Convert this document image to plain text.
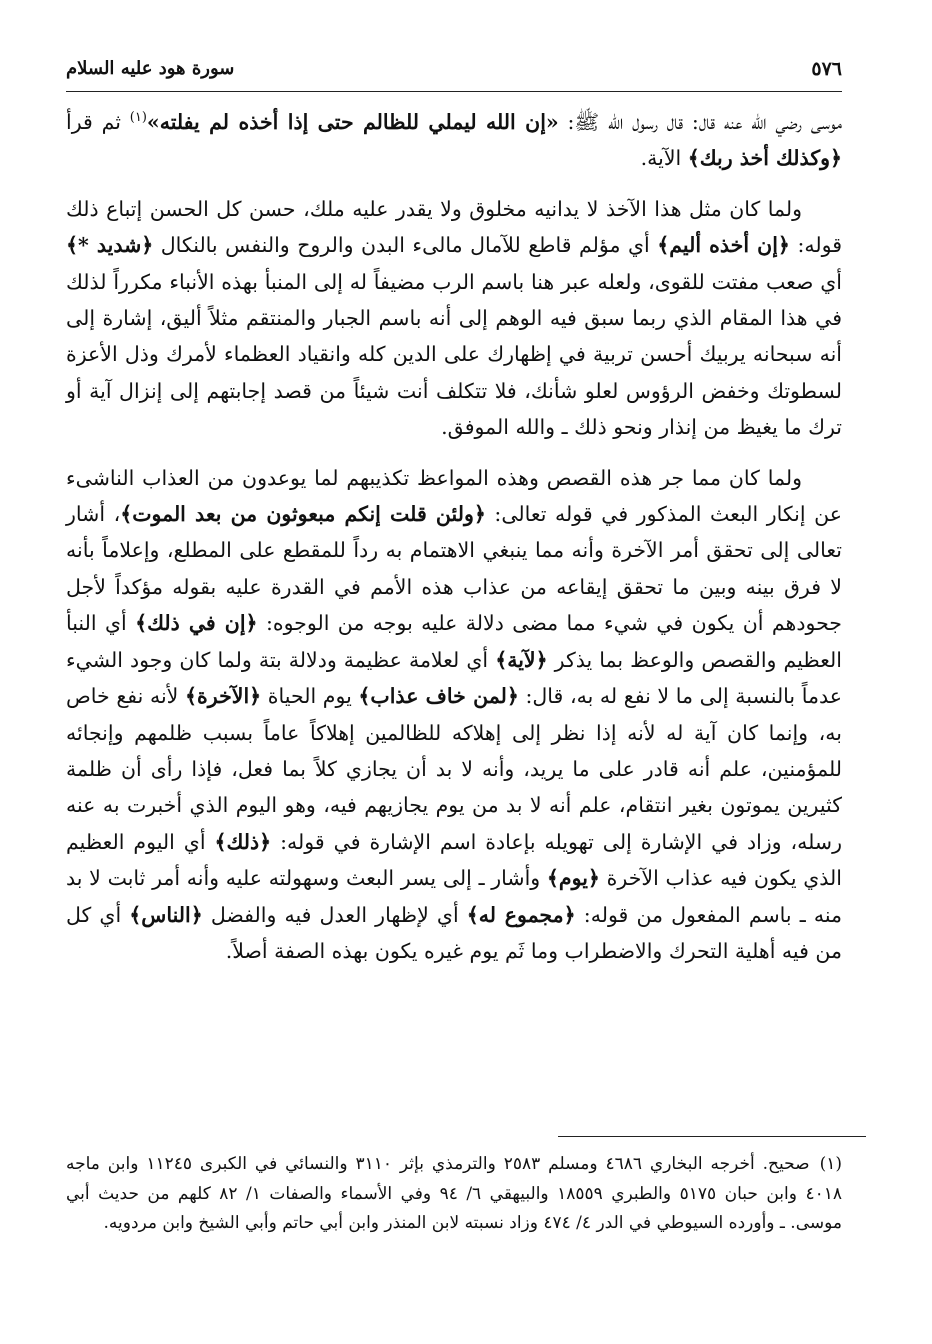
٥٧٦
سورة هود عليه السلام

موسى رضي الله عنه قال: قال رسول الله ﷺ: «إن الله ليملي للظالم حتى إذا أخذه لم يفلته»$^{(١)}$ ثم قرأ ﴿وكذلك أخذ ربك﴾ الآية.

ولما كان مثل هذا الآخذ لا يدانيه مخلوق ولا يقدر عليه ملك، حسن كل الحسن إتباع ذلك قوله: ﴿إن أخذه أليم﴾ أي مؤلم قاطع للآمال مالىء البدن والروح والنفس بالنكال ﴿شديد *﴾ أي صعب مفتت للقوى، ولعله عبر هنا باسم الرب مضيفاً له إلى المنبأ بهذه الأنباء مكرراً لذلك في هذا المقام الذي ربما سبق فيه الوهم إلى أنه باسم الجبار والمنتقم مثلاً أليق، إشارة إلى أنه سبحانه يربيك أحسن تربية في إظهارك على الدين كله وانقياد العظماء لأمرك وذل الأعزة لسطوتك وخفض الرؤوس لعلو شأنك، فلا تتكلف أنت شيئاً من قصد إجابتهم إلى إنزال آية أو ترك ما يغيظ من إنذار ونحو ذلك ـ والله الموفق.

ولما كان مما جر هذه القصص وهذه المواعظ تكذيبهم لما يوعدون من العذاب الناشىء عن إنكار البعث المذكور في قوله تعالى: ﴿ولئن قلت إنكم مبعوثون من بعد الموت﴾، أشار تعالى إلى تحقق أمر الآخرة وأنه مما ينبغي الاهتمام به رداً للمقطع على المطلع، وإعلاماً بأنه لا فرق بينه وبين ما تحقق إيقاعه من عذاب هذه الأمم في القدرة عليه بقوله مؤكداً لأجل جحودهم أن يكون في شيء مما مضى دلالة عليه بوجه من الوجوه: ﴿إن في ذلك﴾ أي النبأ العظيم والقصص والوعظ بما يذكر ﴿لآية﴾ أي لعلامة عظيمة ودلالة بتة ولما كان وجود الشيء عدماً بالنسبة إلى ما لا نفع له به، قال: ﴿لمن خاف عذاب﴾ يوم الحياة ﴿الآخرة﴾ لأنه نفع خاص به، وإنما كان آية له لأنه إذا نظر إلى إهلاكه للظالمين إهلاكاً عاماً بسبب ظلمهم وإنجائه للمؤمنين، علم أنه قادر على ما يريد، وأنه لا بد أن يجازي كلاً بما فعل، فإذا رأى أن ظلمة كثيرين يموتون بغير انتقام، علم أنه لا بد من يوم يجازيهم فيه، وهو اليوم الذي أخبرت به عنه رسله، وزاد في الإشارة إلى تهويله بإعادة اسم الإشارة في قوله: ﴿ذلك﴾ أي اليوم العظيم الذي يكون فيه عذاب الآخرة ﴿يوم﴾ وأشار ـ إلى يسر البعث وسهولته عليه وأنه أمر ثابت لا بد منه ـ باسم المفعول من قوله: ﴿مجموع له﴾ أي لإظهار العدل فيه والفضل ﴿الناس﴾ أي كل من فيه أهلية التحرك والاضطراب وما ثَم يوم غيره يكون بهذه الصفة أصلاً.

(١)صحيح. أخرجه البخاري ٤٦٨٦ ومسلم ٢٥٨٣ والترمذي بإثر ٣١١٠ والنسائي في الكبرى ١١٢٤٥ وابن ماجه ٤٠١٨ وابن حبان ٥١٧٥ والطبري ١٨٥٥٩ والبيهقي ٦/ ٩٤ وفي الأسماء والصفات ١/ ٨٢ كلهم من حديث أبي موسى. ـ وأورده السيوطي في الدر ٤/ ٤٧٤ وزاد نسبته لابن المنذر وابن أبي حاتم وأبي الشيخ وابن مردويه.
